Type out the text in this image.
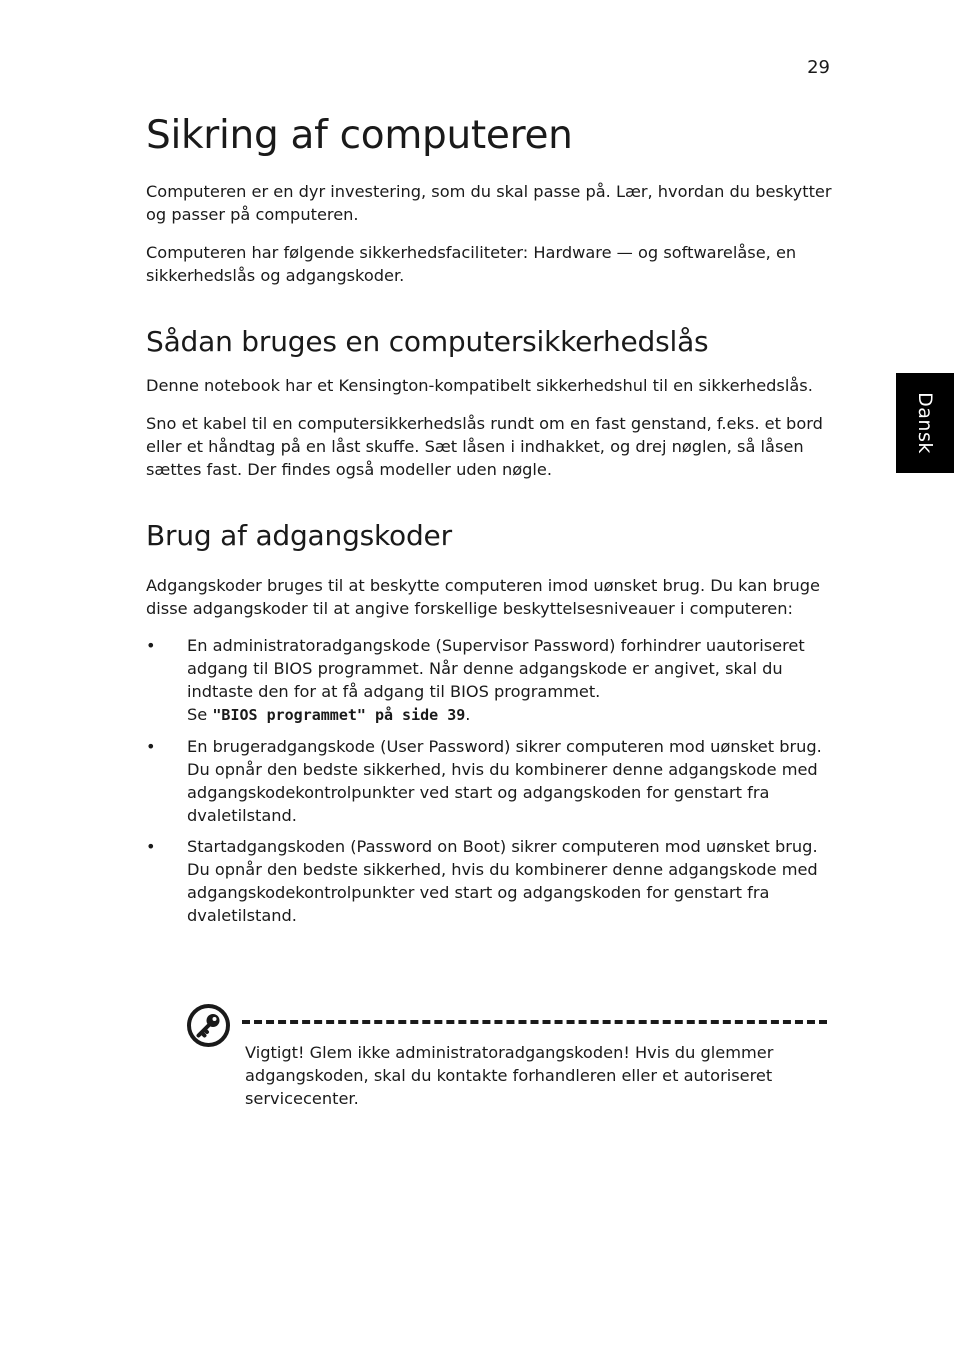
29
Dansk
Sikring af computeren

Computeren er en dyr investering, som du skal passe på. Lær, hvordan du beskytter og passer på computeren.

Computeren har følgende sikkerhedsfaciliteter: Hardware — og softwarelåse, en sikkerhedslås og adgangskoder.

Sådan bruges en computersikkerhedslås

Denne notebook har et Kensington-kompatibelt sikkerhedshul til en sikkerhedslås.

Sno et kabel til en computersikkerhedslås rundt om en fast genstand, f.eks. et bord eller et håndtag på en låst skuffe. Sæt låsen i indhakket, og drej nøglen, så låsen sættes fast. Der findes også modeller uden nøgle.

Brug af adgangskoder

Adgangskoder bruges til at beskytte computeren imod uønsket brug. Du kan bruge disse adgangskoder til at angive forskellige beskyttelsesniveauer i computeren:

• En administratoradgangskode (Supervisor Password) forhindrer uautoriseret adgang til BIOS programmet. Når denne adgangskode er angivet, skal du indtaste den for at få adgang til BIOS programmet.
Se "BIOS programmet" på side 39.
• En brugeradgangskode (User Password) sikrer computeren mod uønsket brug. Du opnår den bedste sikkerhed, hvis du kombinerer denne adgangskode med adgangskodekontrolpunkter ved start og adgangskoden for genstart fra dvaletilstand.
• Startadgangskoden (Password on Boot) sikrer computeren mod uønsket brug. Du opnår den bedste sikkerhed, hvis du kombinerer denne adgangskode med adgangskodekontrolpunkter ved start og adgangskoden for genstart fra dvaletilstand.
Vigtigt! Glem ikke administratoradgangskoden! Hvis du glemmer adgangskoden, skal du kontakte forhandleren eller et autoriseret servicecenter.
